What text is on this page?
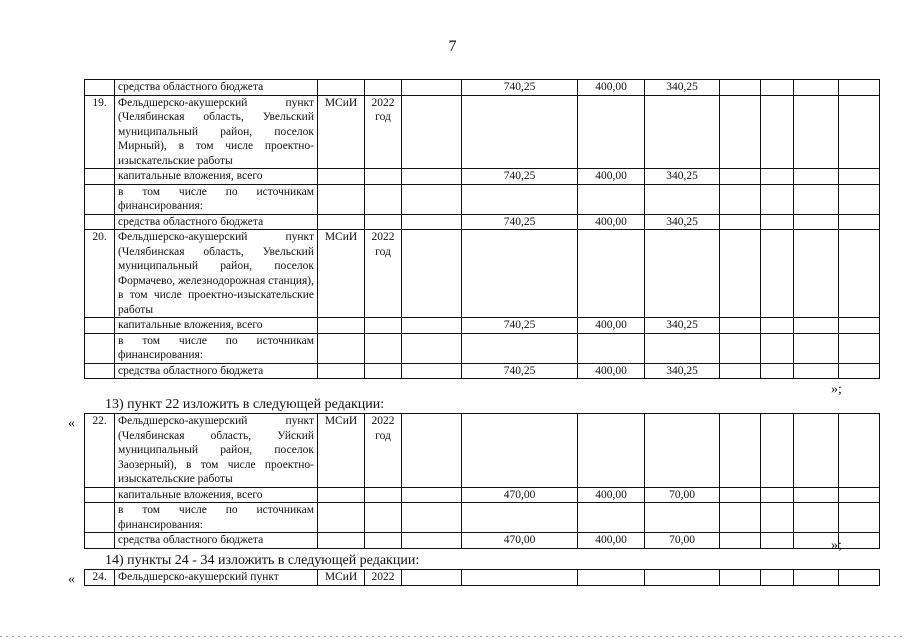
7
	средства областного бюджета				740,25	400,00	340,25				
19.	Фельдшерско-акушерский пункт (Челябинская область, Увельский муниципальный район, поселок Мирный), в том числе проектно-изыскательские работы	МСиИ	2022 год								
	капитальные вложения, всего				740,25	400,00	340,25				
	в том числе по источникам финансирования:										
	средства областного бюджета				740,25	400,00	340,25				
20.	Фельдшерско-акушерский пункт (Челябинская область, Увельский муниципальный район, поселок Формачево, железнодорожная станция), в том числе проектно-изыскательские работы	МСиИ	2022 год								
	капитальные вложения, всего				740,25	400,00	340,25				
	в том числе по источникам финансирования:										
	средства областного бюджета				740,25	400,00	340,25				
»;
13) пункт 22 изложить в следующей редакции:
« 22.	Фельдшерско-акушерский пункт (Челябинская область, Уйский муниципальный район, поселок Заозерный), в том числе проектно-изыскательские работы	МСиИ	2022 год								
	капитальные вложения, всего				470,00	400,00	70,00				
	в том числе по источникам финансирования:										
	средства областного бюджета				470,00	400,00	70,00					»;
14) пункты 24 - 34 изложить в следующей редакции:
« 24.	Фельдшерско-акушерский пункт	МСиИ	2022								
